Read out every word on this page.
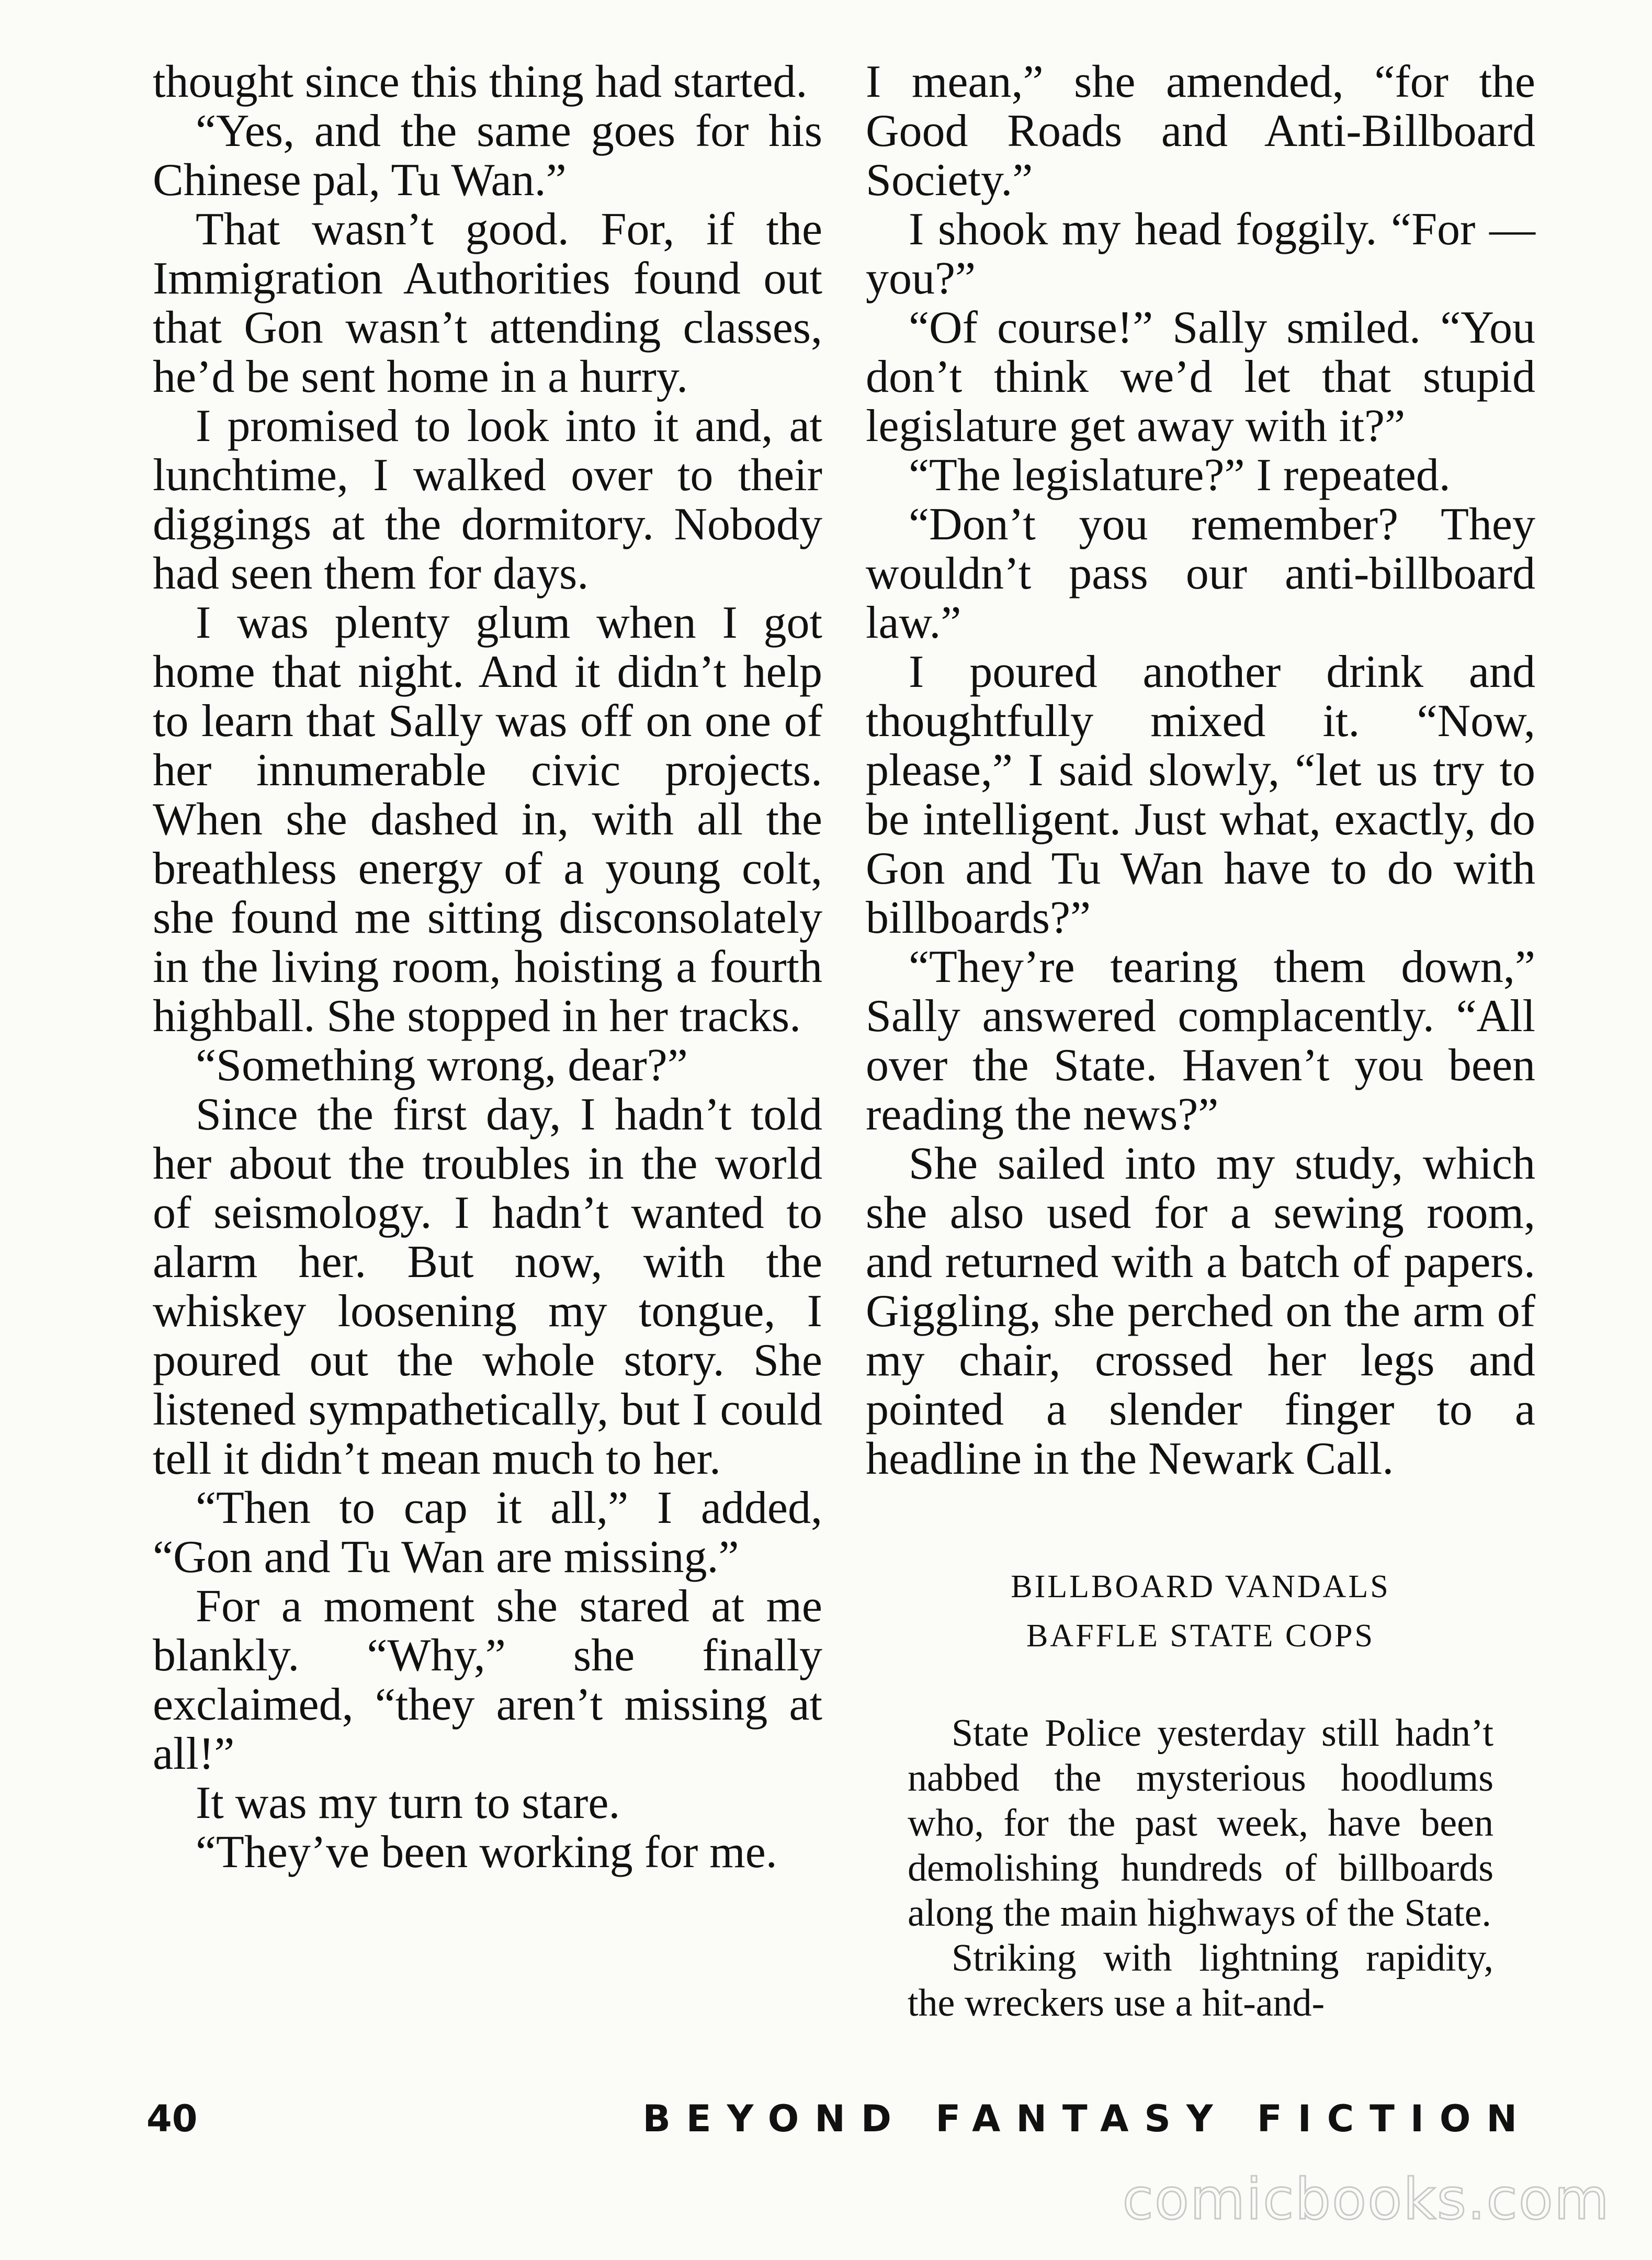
thought since this thing had started.

“Yes, and the same goes for his Chinese pal, Tu Wan.”

That wasn’t good. For, if the Immigration Authorities found out that Gon wasn’t attending classes, he’d be sent home in a hurry.

I promised to look into it and, at lunchtime, I walked over to their diggings at the dormitory. Nobody had seen them for days.

I was plenty glum when I got home that night. And it didn’t help to learn that Sally was off on one of her innumerable civic projects. When she dashed in, with all the breathless energy of a young colt, she found me sitting disconsolately in the living room, hoisting a fourth highball. She stopped in her tracks.

“Something wrong, dear?”

Since the first day, I hadn’t told her about the troubles in the world of seismology. I hadn’t wanted to alarm her. But now, with the whiskey loosening my tongue, I poured out the whole story. She listened sympathetically, but I could tell it didn’t mean much to her.

“Then to cap it all,” I added, “Gon and Tu Wan are missing.”

For a moment she stared at me blankly. “Why,” she finally exclaimed, “they aren’t missing at all!”

It was my turn to stare.

“They’ve been working for me.

I mean,” she amended, “for the Good Roads and Anti-Billboard Society.”

I shook my head foggily. “For —you?”

“Of course!” Sally smiled. “You don’t think we’d let that stupid legislature get away with it?”

“The legislature?” I repeated.

“Don’t you remember? They wouldn’t pass our anti-billboard law.”

I poured another drink and thoughtfully mixed it. “Now, please,” I said slowly, “let us try to be intelligent. Just what, exactly, do Gon and Tu Wan have to do with billboards?”

“They’re tearing them down,” Sally answered complacently. “All over the State. Haven’t you been reading the news?”

She sailed into my study, which she also used for a sewing room, and returned with a batch of papers. Giggling, she perched on the arm of my chair, crossed her legs and pointed a slender finger to a headline in the Newark Call.

BILLBOARD VANDALS
BAFFLE STATE COPS

State Police yesterday still hadn’t nabbed the mysterious hoodlums who, for the past week, have been demolishing hundreds of billboards along the main highways of the State.

Striking with lightning rapidity, the wreckers use a hit-and-

40	BEYOND FANTASY FICTION
comicbooks.com
